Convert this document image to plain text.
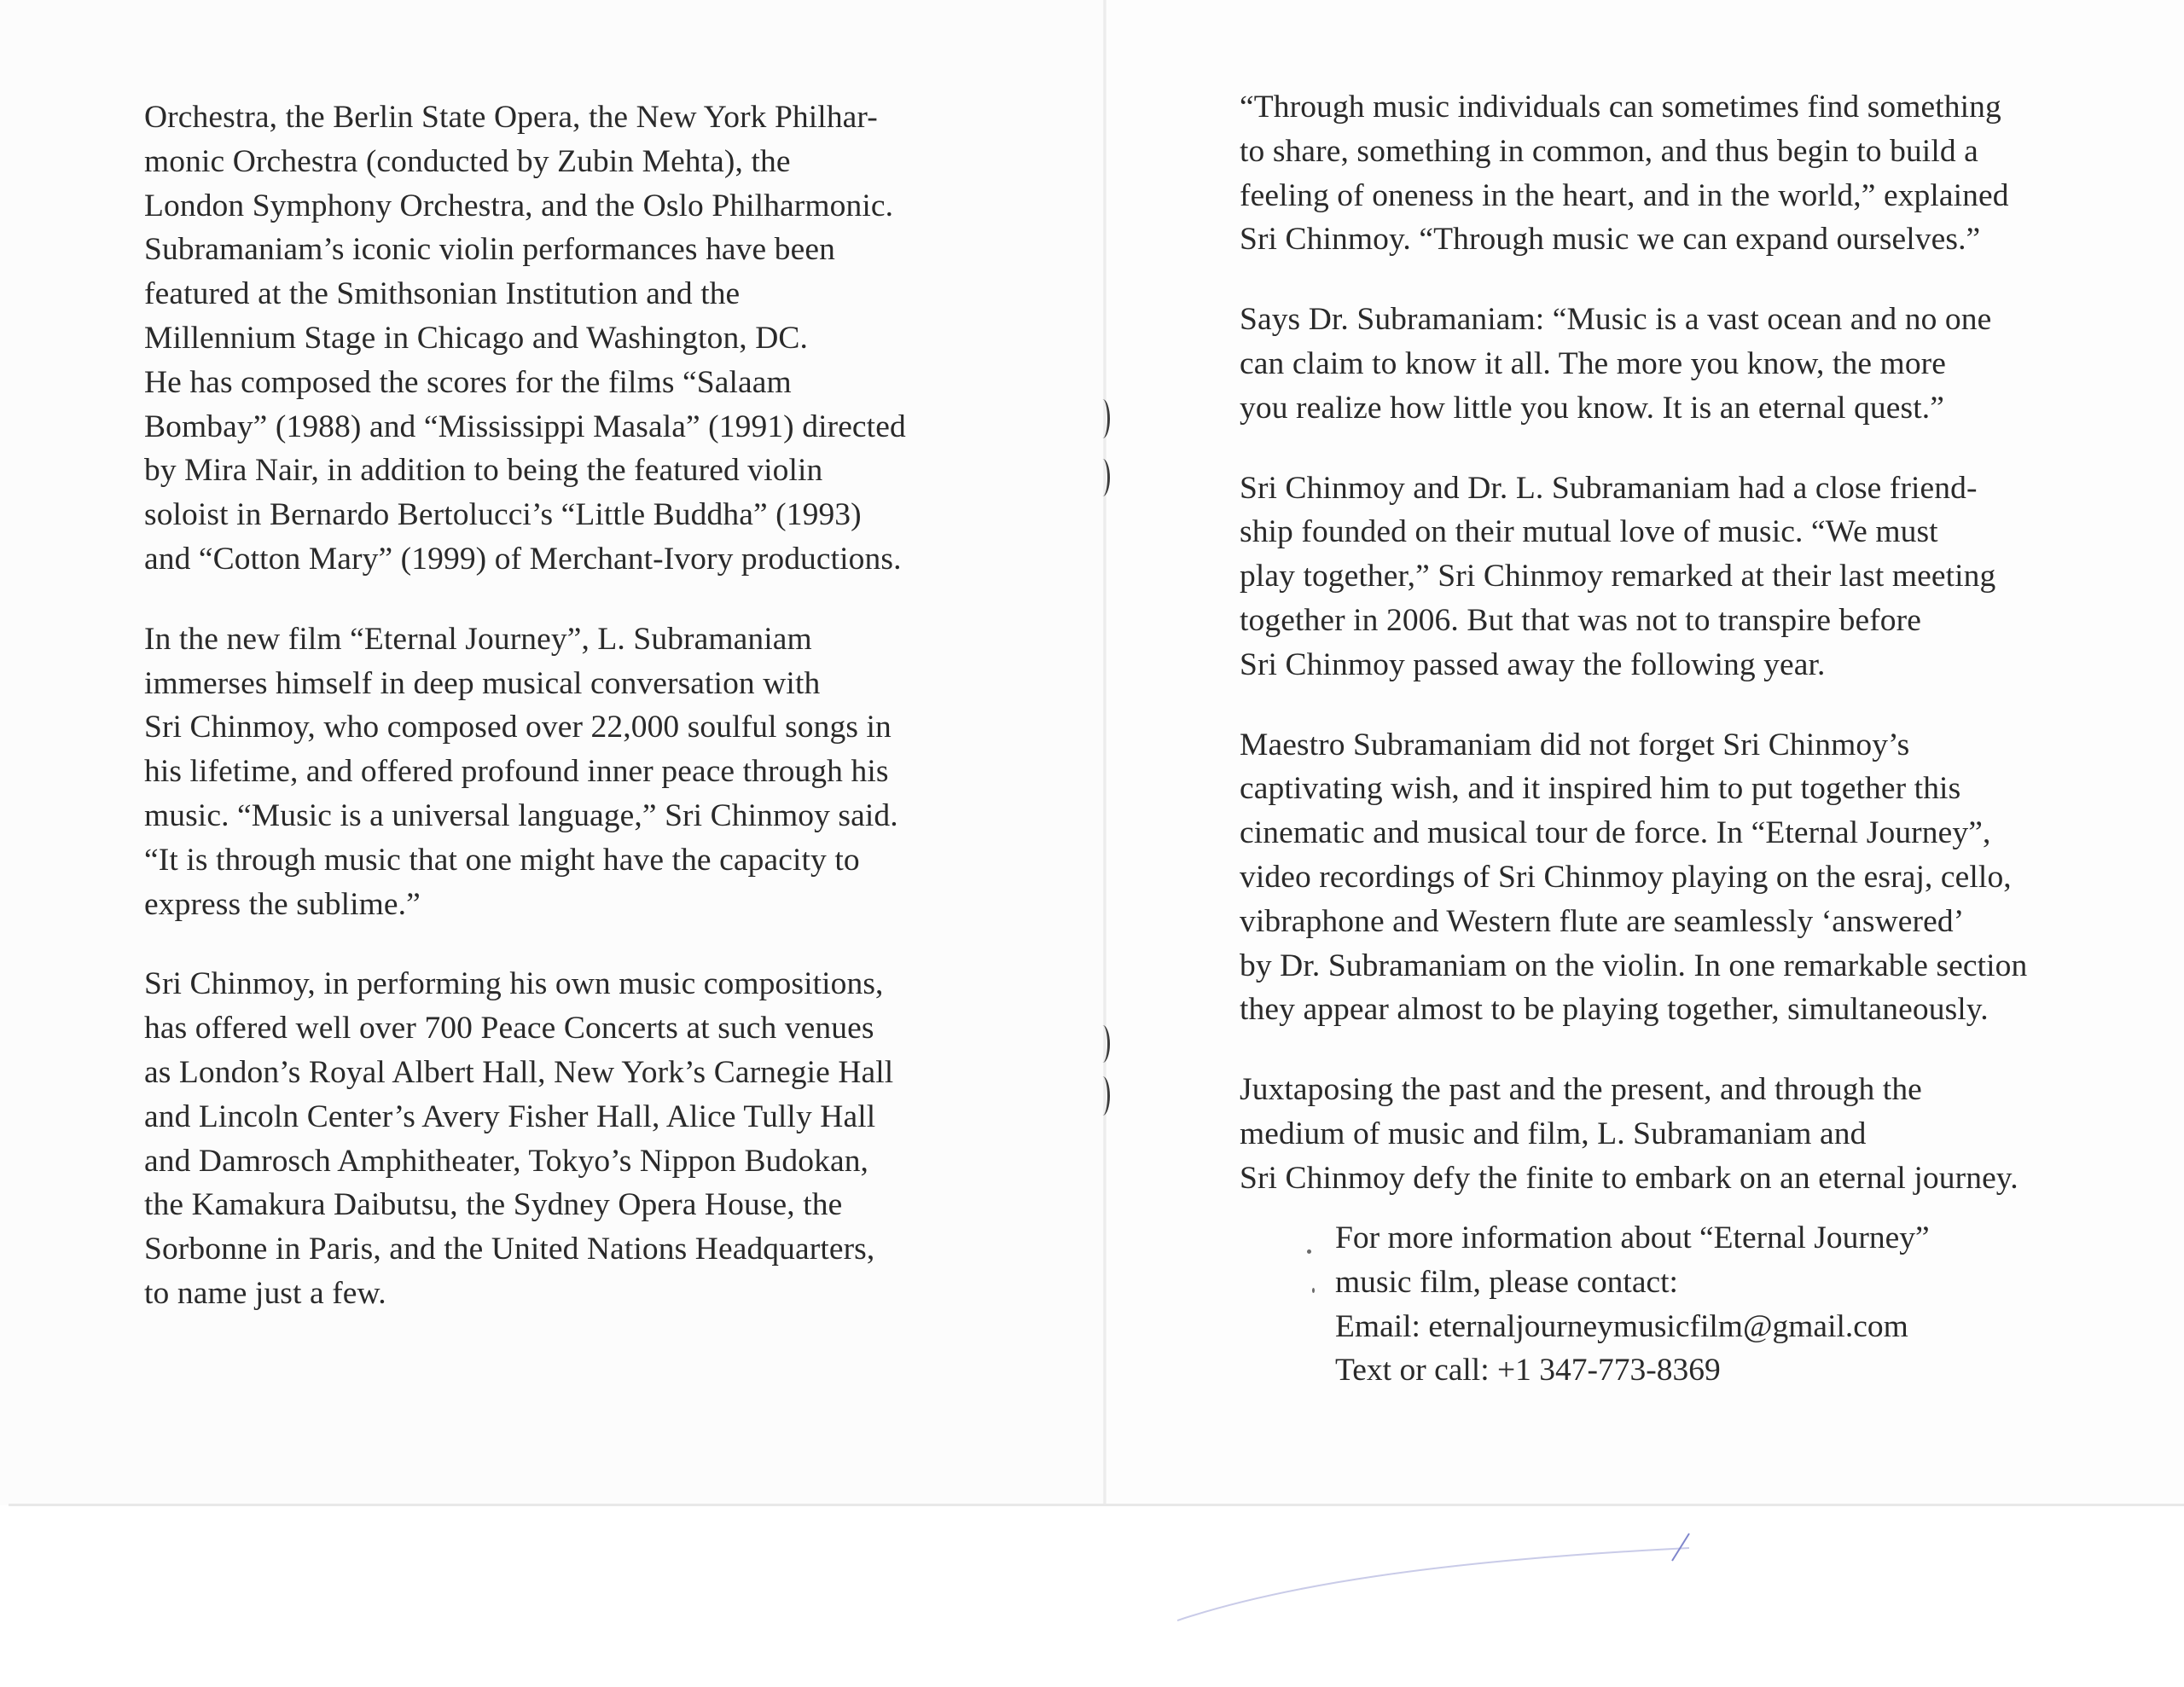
Orchestra, the Berlin State Opera, the New York Philhar-
monic Orchestra (conducted by Zubin Mehta), the
London Symphony Orchestra, and the Oslo Philharmonic.
Subramaniam’s iconic violin performances have been
featured at the Smithsonian Institution and the
Millennium Stage in Chicago and Washington, DC.
He has composed the scores for the films “Salaam
Bombay” (1988) and “Mississippi Masala” (1991) directed
by Mira Nair, in addition to being the featured violin
soloist in Bernardo Bertolucci’s “Little Buddha” (1993)
and “Cotton Mary” (1999) of Merchant-Ivory productions.

In the new film “Eternal Journey”, L. Subramaniam
immerses himself in deep musical conversation with
Sri Chinmoy, who composed over 22,000 soulful songs in
his lifetime, and offered profound inner peace through his
music. “Music is a universal language,” Sri Chinmoy said.
“It is through music that one might have the capacity to
express the sublime.”

Sri Chinmoy, in performing his own music compositions,
has offered well over 700 Peace Concerts at such venues
as London’s Royal Albert Hall, New York’s Carnegie Hall
and Lincoln Center’s Avery Fisher Hall, Alice Tully Hall
and Damrosch Amphitheater, Tokyo’s Nippon Budokan,
the Kamakura Daibutsu, the Sydney Opera House, the
Sorbonne in Paris, and the United Nations Headquarters,
to name just a few.

“Through music individuals can sometimes find something
to share, something in common, and thus begin to build a
feeling of oneness in the heart, and in the world,” explained
Sri Chinmoy. “Through music we can expand ourselves.”

Says Dr. Subramaniam: “Music is a vast ocean and no one
can claim to know it all. The more you know, the more
you realize how little you know. It is an eternal quest.”

Sri Chinmoy and Dr. L. Subramaniam had a close friend-
ship founded on their mutual love of music. “We must
play together,” Sri Chinmoy remarked at their last meeting
together in 2006. But that was not to transpire before
Sri Chinmoy passed away the following year.

Maestro Subramaniam did not forget Sri Chinmoy’s
captivating wish, and it inspired him to put together this
cinematic and musical tour de force. In “Eternal Journey”,
video recordings of Sri Chinmoy playing on the esraj, cello,
vibraphone and Western flute are seamlessly ‘answered’
by Dr. Subramaniam on the violin. In one remarkable section
they appear almost to be playing together, simultaneously.

Juxtaposing the past and the present, and through the
medium of music and film, L. Subramaniam and
Sri Chinmoy defy the finite to embark on an eternal journey.

For more information about “Eternal Journey”
music film, please contact:
Email: eternaljourneymusicfilm@gmail.com
Text or call: +1 347-773-8369
